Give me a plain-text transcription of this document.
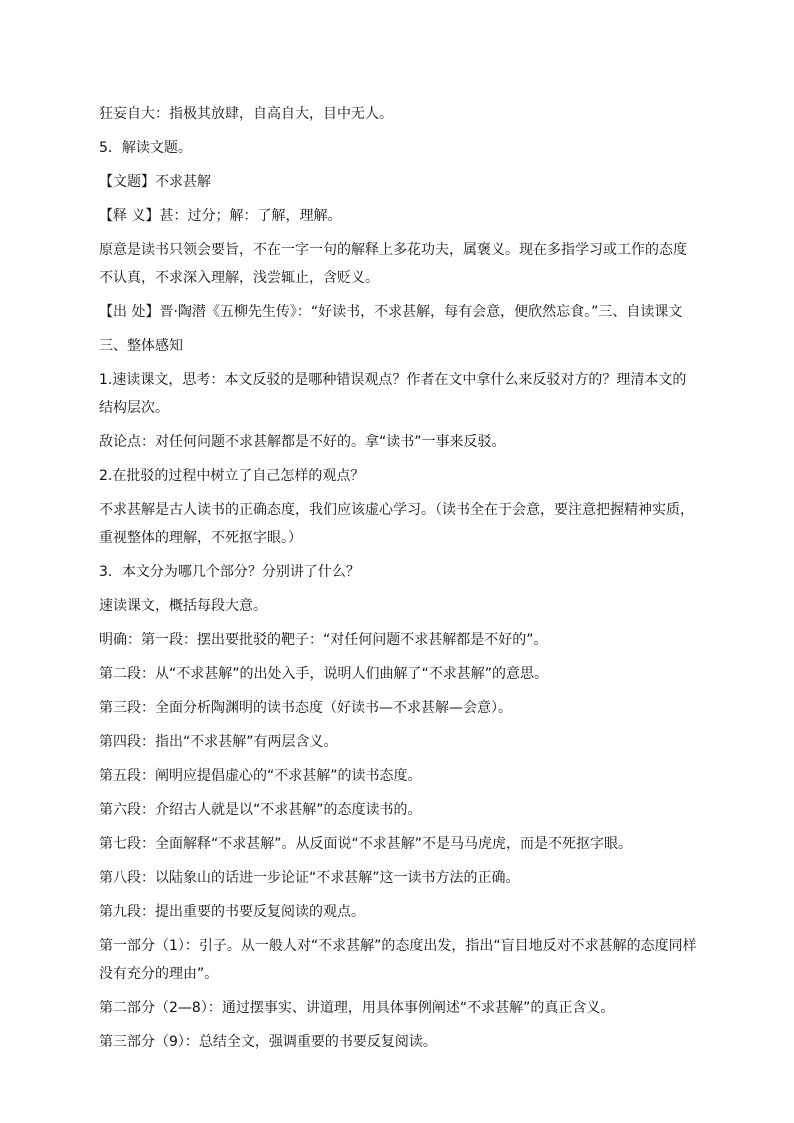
狂妄自大：指极其放肆，自高自大，目中无人。

5．解读文题。

【文题】不求甚解

【释 义】甚：过分；解：了解，理解。

原意是读书只领会要旨，不在一字一句的解释上多花功夫，属褒义。现在多指学习或工作的态度不认真，不求深入理解，浅尝辄止，含贬义。

【出 处】晋·陶潜《五柳先生传》：“好读书，不求甚解，每有会意，便欣然忘食。”三、自读课文

三、整体感知

1.速读课文，思考：本文反驳的是哪种错误观点？作者在文中拿什么来反驳对方的？理清本文的结构层次。

敌论点：对任何问题不求甚解都是不好的。拿“读书”一事来反驳。

2.在批驳的过程中树立了自己怎样的观点？

不求甚解是古人读书的正确态度，我们应该虚心学习。（读书全在于会意，要注意把握精神实质，重视整体的理解，不死抠字眼。）

3．本文分为哪几个部分？分别讲了什么？

速读课文，概括每段大意。

明确：第一段：摆出要批驳的靶子：“对任何问题不求甚解都是不好的”。

第二段：从“不求甚解”的出处入手，说明人们曲解了“不求甚解”的意思。

第三段：全面分析陶渊明的读书态度（好读书—不求甚解—会意）。

第四段：指出“不求甚解”有两层含义。

第五段：阐明应提倡虚心的“不求甚解”的读书态度。

第六段：介绍古人就是以“不求甚解”的态度读书的。

第七段：全面解释“不求甚解”。从反面说“不求甚解”不是马马虎虎，而是不死抠字眼。

第八段：以陆象山的话进一步论证“不求甚解”这一读书方法的正确。

第九段：提出重要的书要反复阅读的观点。

第一部分（1）：引子。从一般人对“不求甚解”的态度出发，指出“盲目地反对不求甚解的态度同样没有充分的理由”。

第二部分（2—8）：通过摆事实、讲道理，用具体事例阐述“不求甚解”的真正含义。

第三部分（9）：总结全文，强调重要的书要反复阅读。
